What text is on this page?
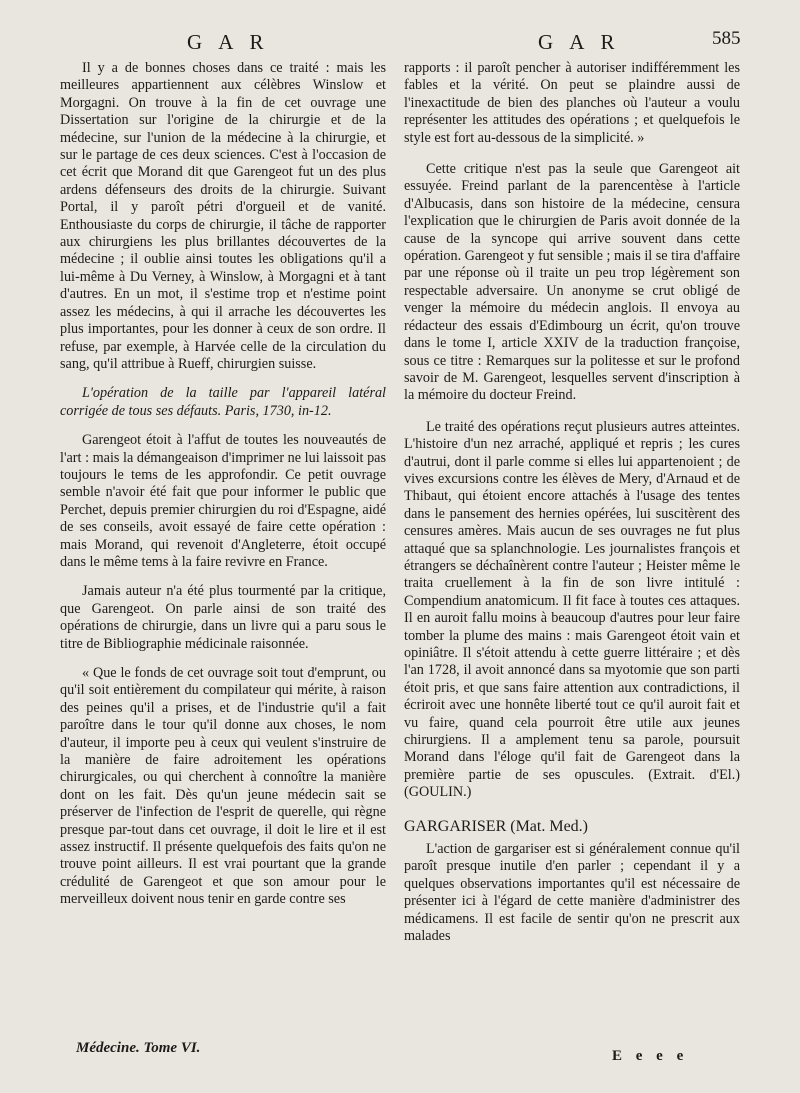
G A R	G A R	585

Il y a de bonnes choses dans ce traité : mais les meilleures appartiennent aux célèbres Winslow et Morgagni. On trouve à la fin de cet ouvrage une Dissertation sur l'origine de la chirurgie et de la médecine, sur l'union de la médecine à la chirurgie, et sur le partage de ces deux sciences. C'est à l'occasion de cet écrit que Morand dit que Garengeot fut un des plus ardens défenseurs des droits de la chirurgie. Suivant Portal, il y paroît pétri d'orgueil et de vanité. Enthousiaste du corps de chirurgie, il tâche de rapporter aux chirurgiens les plus brillantes découvertes de la médecine ; il oublie ainsi toutes les obligations qu'il a lui-même à Du Verney, à Winslow, à Morgagni et à tant d'autres. En un mot, il s'estime trop et n'estime point assez les médecins, à qui il arrache les découvertes les plus importantes, pour les donner à ceux de son ordre. Il refuse, par exemple, à Harvée celle de la circulation du sang, qu'il attribue à Rueff, chirurgien suisse.

L'opération de la taille par l'appareil latéral corrigée de tous ses défauts. Paris, 1730, in-12.

Garengeot étoit à l'affut de toutes les nouveautés de l'art : mais la démangeaison d'imprimer ne lui laissoit pas toujours le tems de les approfondir. Ce petit ouvrage semble n'avoir été fait que pour informer le public que Perchet, depuis premier chirurgien du roi d'Espagne, aidé de ses conseils, avoit essayé de faire cette opération : mais Morand, qui revenoit d'Angleterre, étoit occupé dans le même tems à la faire revivre en France.

Jamais auteur n'a été plus tourmenté par la critique, que Garengeot. On parle ainsi de son traité des opérations de chirurgie, dans un livre qui a paru sous le titre de Bibliographie médicinale raisonnée.

« Que le fonds de cet ouvrage soit tout d'emprunt, ou qu'il soit entièrement du compilateur qui mérite, à raison des peines qu'il a prises, et de l'industrie qu'il a fait paroître dans le tour qu'il donne aux choses, le nom d'auteur, il importe peu à ceux qui veulent s'instruire de la manière de faire adroitement les opérations chirurgicales, ou qui cherchent à connoître la manière dont on les fait. Dès qu'un jeune médecin sait se préserver de l'infection de l'esprit de querelle, qui règne presque par-tout dans cet ouvrage, il doit le lire et il est assez instructif. Il présente quelquefois des faits qu'on ne trouve point ailleurs. Il est vrai pourtant que la grande crédulité de Garengeot et que son amour pour le merveilleux doivent nous tenir en garde contre ses

rapports : il paroît pencher à autoriser indifféremment les fables et la vérité. On peut se plaindre aussi de l'inexactitude de bien des planches où l'auteur a voulu représenter les attitudes des opérations ; et quelquefois le style est fort au-dessous de la simplicité. »

Cette critique n'est pas la seule que Garengeot ait essuyée. Freind parlant de la parencentèse à l'article d'Albucasis, dans son histoire de la médecine, censura l'explication que le chirurgien de Paris avoit donnée de la cause de la syncope qui arrive souvent dans cette opération. Garengeot y fut sensible ; mais il se tira d'affaire par une réponse où il traite un peu trop légèrement son respectable adversaire. Un anonyme se crut obligé de venger la mémoire du médecin anglois. Il envoya au rédacteur des essais d'Edimbourg un écrit, qu'on trouve dans le tome I, article XXIV de la traduction françoise, sous ce titre : Remarques sur la politesse et sur le profond savoir de M. Garengeot, lesquelles servent d'inscription à la mémoire du docteur Freind.

Le traité des opérations reçut plusieurs autres atteintes. L'histoire d'un nez arraché, appliqué et repris ; les cures d'autrui, dont il parle comme si elles lui appartenoient ; de vives excursions contre les élèves de Mery, d'Arnaud et de Thibaut, qui étoient encore attachés à l'usage des tentes dans le pansement des hernies opérées, lui suscitèrent des censures amères. Mais aucun de ses ouvrages ne fut plus attaqué que sa splanchnologie. Les journalistes françois et étrangers se déchaînèrent contre l'auteur ; Heister même le traita cruellement à la fin de son livre intitulé : Compendium anatomicum. Il fit face à toutes ces attaques. Il en auroit fallu moins à beaucoup d'autres pour leur faire tomber la plume des mains : mais Garengeot étoit vain et opiniâtre. Il s'étoit attendu à cette guerre littéraire ; et dès l'an 1728, il avoit annoncé dans sa myotomie que son parti étoit pris, et que sans faire attention aux contradictions, il écriroit avec une honnête liberté tout ce qu'il auroit fait et vu faire, quand cela pourroit être utile aux jeunes chirurgiens. Il a amplement tenu sa parole, poursuit Morand dans l'éloge qu'il fait de Garengeot dans la première partie de ses opuscules. (Extrait. d'El.) (GOULIN.)

GARGARISER (Mat. Med.)

L'action de gargariser est si généralement connue qu'il paroît presque inutile d'en parler ; cependant il y a quelques observations importantes qu'il est nécessaire de présenter ici à l'égard de cette manière d'administrer des médicamens. Il est facile de sentir qu'on ne prescrit aux malades

Médecine. Tome VI.	E e e e
